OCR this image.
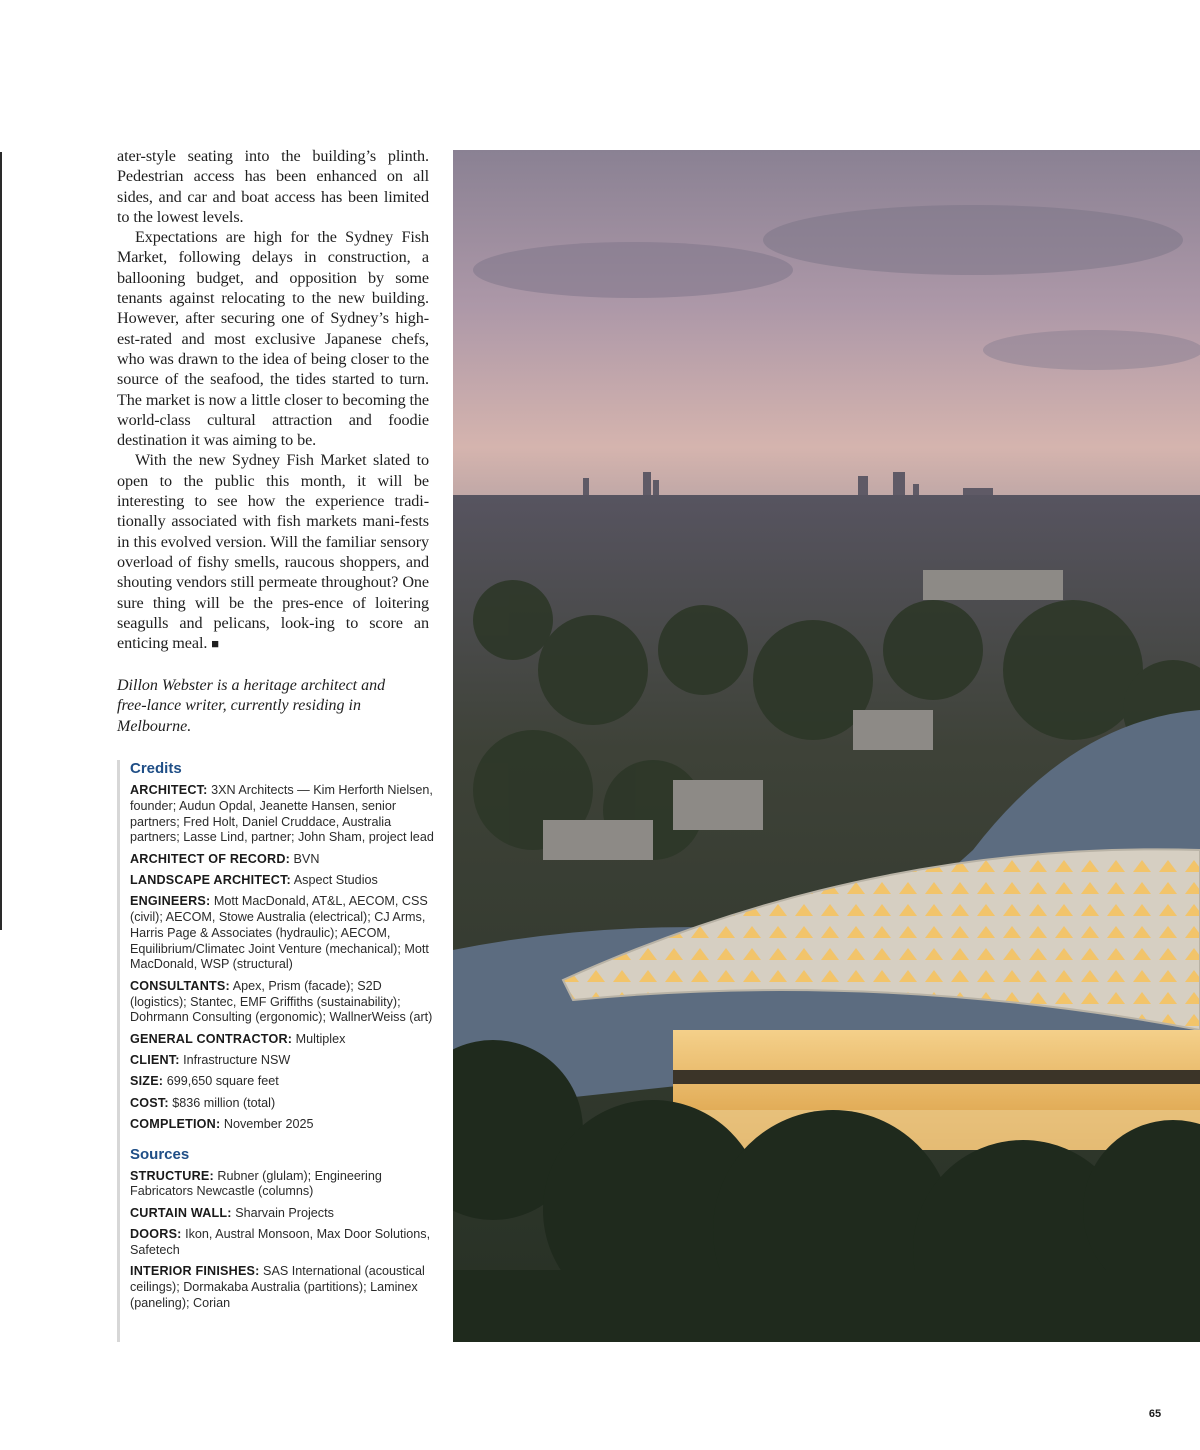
ater-style seating into the building’s plinth. Pedestrian access has been enhanced on all sides, and car and boat access has been limited to the lowest levels.

Expectations are high for the Sydney Fish Market, following delays in construction, a ballooning budget, and opposition by some tenants against relocating to the new building. However, after securing one of Sydney’s high-est-rated and most exclusive Japanese chefs, who was drawn to the idea of being closer to the source of the seafood, the tides started to turn. The market is now a little closer to becoming the world-class cultural attraction and foodie destination it was aiming to be.

With the new Sydney Fish Market slated to open to the public this month, it will be interesting to see how the experience tradi-tionally associated with fish markets mani-fests in this evolved version. Will the familiar sensory overload of fishy smells, raucous shoppers, and shouting vendors still permeate throughout? One sure thing will be the pres-ence of loitering seagulls and pelicans, look-ing to score an enticing meal. ■

Dillon Webster is a heritage architect and free-lance writer, currently residing in Melbourne.
Credits
ARCHITECT: 3XN Architects — Kim Herforth Nielsen, founder; Audun Opdal, Jeanette Hansen, senior partners; Fred Holt, Daniel Cruddace, Australia partners; Lasse Lind, partner; John Sham, project lead
ARCHITECT OF RECORD: BVN
LANDSCAPE ARCHITECT: Aspect Studios
ENGINEERS: Mott MacDonald, AT&L, AECOM, CSS (civil); AECOM, Stowe Australia (electrical); CJ Arms, Harris Page & Associates (hydraulic); AECOM, Equilibrium/Climatec Joint Venture (mechanical); Mott MacDonald, WSP (structural)
CONSULTANTS: Apex, Prism (facade); S2D (logistics); Stantec, EMF Griffiths (sustainability); Dohrmann Consulting (ergonomic); WallnerWeiss (art)
GENERAL CONTRACTOR: Multiplex
CLIENT: Infrastructure NSW
SIZE: 699,650 square feet
COST: $836 million (total)
COMPLETION: November 2025
Sources
STRUCTURE: Rubner (glulam); Engineering Fabricators Newcastle (columns)
CURTAIN WALL: Sharvain Projects
DOORS: Ikon, Austral Monsoon, Max Door Solutions, Safetech
INTERIOR FINISHES: SAS International (acoustical ceilings); Dormakaba Australia (partitions); Laminex (paneling); Corian
65
